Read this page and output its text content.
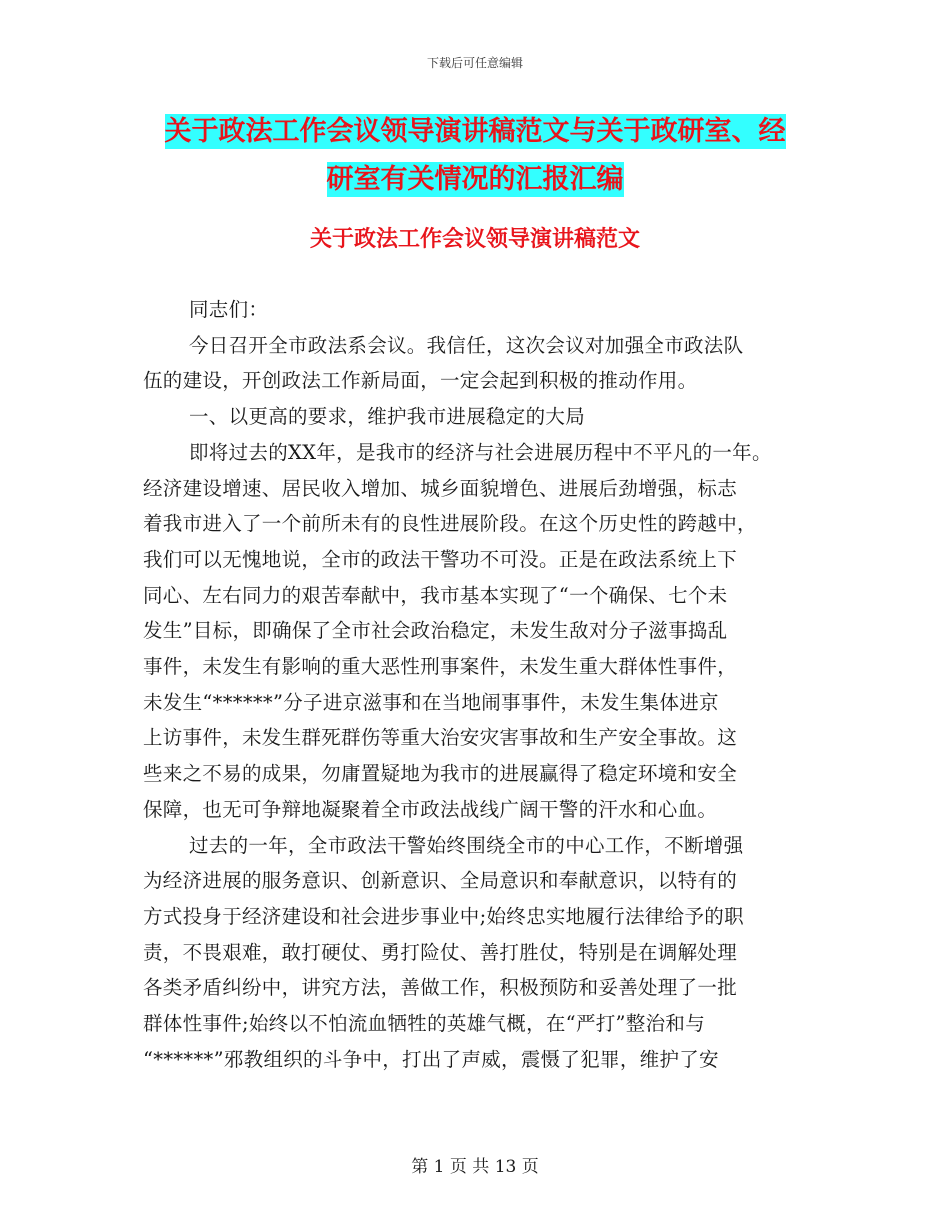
下载后可任意编辑
关于政法工作会议领导演讲稿范文与关于政研室、经
研室有关情况的汇报汇编
关于政法工作会议领导演讲稿范文
同志们：
今日召开全市政法系会议。我信任，这次会议对加强全市政法队
伍的建设，开创政法工作新局面，一定会起到积极的推动作用。
一、以更高的要求，维护我市进展稳定的大局
即将过去的XX年，是我市的经济与社会进展历程中不平凡的一年。
经济建设增速、居民收入增加、城乡面貌增色、进展后劲增强，标志
着我市进入了一个前所未有的良性进展阶段。在这个历史性的跨越中，
我们可以无愧地说，全市的政法干警功不可没。正是在政法系统上下
同心、左右同力的艰苦奉献中，我市基本实现了“一个确保、七个未
发生”目标，即确保了全市社会政治稳定，未发生敌对分子滋事捣乱
事件，未发生有影响的重大恶性刑事案件，未发生重大群体性事件，
未发生“******”分子进京滋事和在当地闹事事件，未发生集体进京
上访事件，未发生群死群伤等重大治安灾害事故和生产安全事故。这
些来之不易的成果，勿庸置疑地为我市的进展赢得了稳定环境和安全
保障，也无可争辩地凝聚着全市政法战线广阔干警的汗水和心血。
过去的一年，全市政法干警始终围绕全市的中心工作，不断增强
为经济进展的服务意识、创新意识、全局意识和奉献意识，以特有的
方式投身于经济建设和社会进步事业中;始终忠实地履行法律给予的职
责，不畏艰难，敢打硬仗、勇打险仗、善打胜仗，特别是在调解处理
各类矛盾纠纷中，讲究方法，善做工作，积极预防和妥善处理了一批
群体性事件;始终以不怕流血牺牲的英雄气概，在“严打”整治和与
“******”邪教组织的斗争中，打出了声威，震慑了犯罪，维护了安
第 1 页 共 13 页
